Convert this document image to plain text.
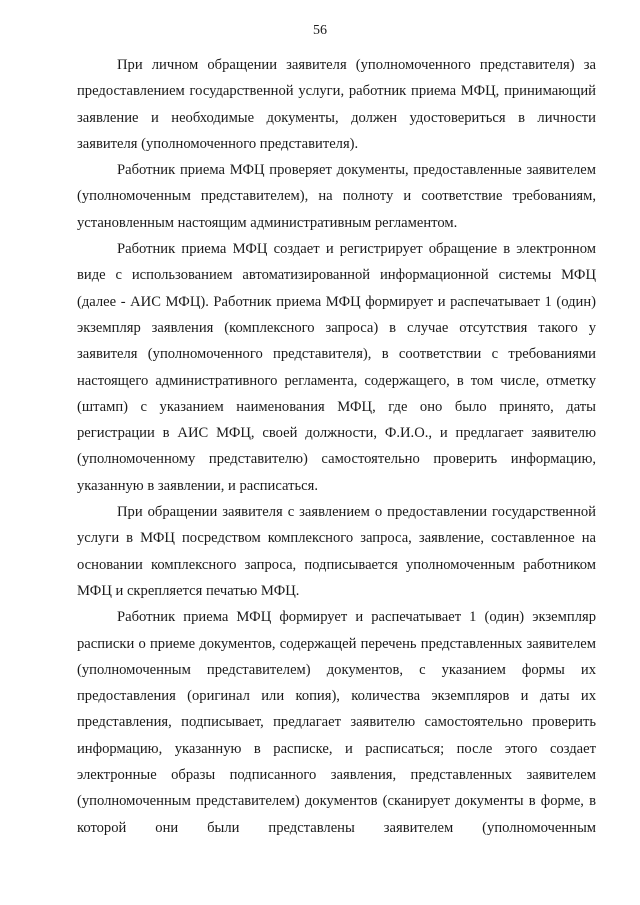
56

При личном обращении заявителя (уполномоченного представителя) за предоставлением государственной услуги, работник приема МФЦ, принимающий заявление и необходимые документы, должен удостовериться в личности заявителя (уполномоченного представителя).

Работник приема МФЦ проверяет документы, предоставленные заявителем (уполномоченным представителем), на полноту и соответствие требованиям, установленным настоящим административным регламентом.

Работник приема МФЦ создает и регистрирует обращение в электронном виде с использованием автоматизированной информационной системы МФЦ (далее - АИС МФЦ). Работник приема МФЦ формирует и распечатывает 1 (один) экземпляр заявления (комплексного запроса) в случае отсутствия такого у заявителя (уполномоченного представителя), в соответствии с требованиями настоящего административного регламента, содержащего, в том числе, отметку (штамп) с указанием наименования МФЦ, где оно было принято, даты регистрации в АИС МФЦ, своей должности, Ф.И.О., и предлагает заявителю (уполномоченному представителю) самостоятельно проверить информацию, указанную в заявлении, и расписаться.

При обращении заявителя с заявлением о предоставлении государственной услуги в МФЦ посредством комплексного запроса, заявление, составленное на основании комплексного запроса, подписывается уполномоченным работником МФЦ и скрепляется печатью МФЦ.

Работник приема МФЦ формирует и распечатывает 1 (один) экземпляр расписки о приеме документов, содержащей перечень представленных заявителем (уполномоченным представителем) документов, с указанием формы их предоставления (оригинал или копия), количества экземпляров и даты их представления, подписывает, предлагает заявителю самостоятельно проверить информацию, указанную в расписке, и расписаться; после этого создает электронные образы подписанного заявления, представленных заявителем (уполномоченным представителем) документов (сканирует документы в форме, в которой они были представлены заявителем (уполномоченным
